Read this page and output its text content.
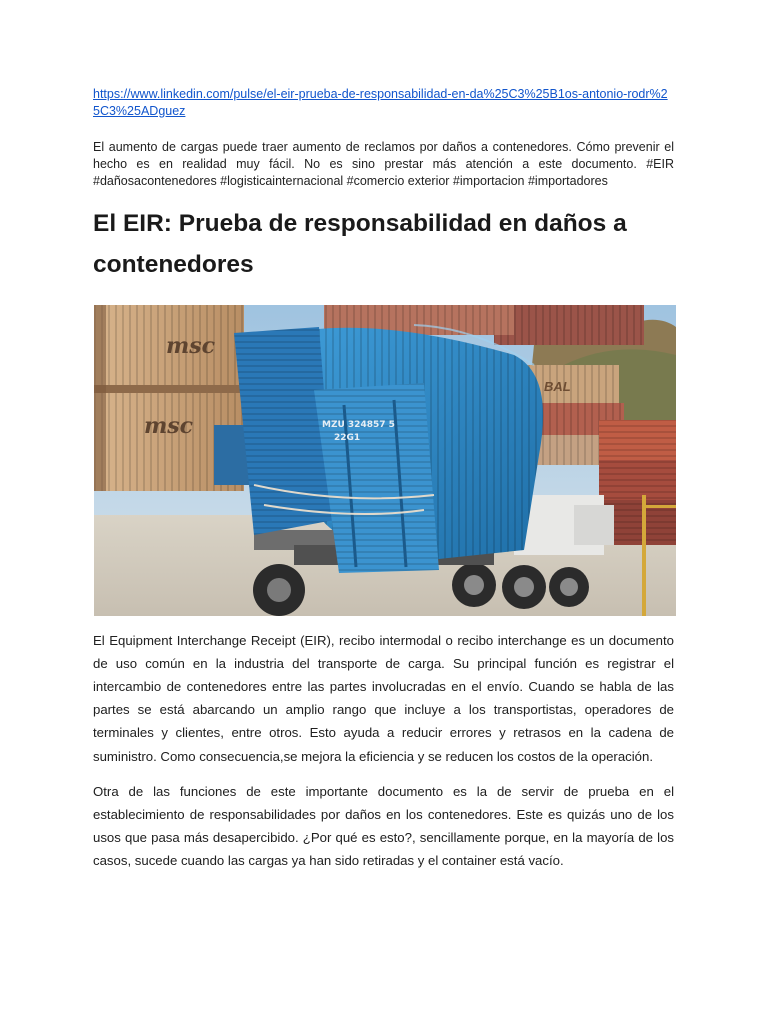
https://www.linkedin.com/pulse/el-eir-prueba-de-responsabilidad-en-da%25C3%25B1os-antonio-rodr%25C3%25ADguez

El aumento de cargas puede traer aumento de reclamos por daños a contenedores. Cómo prevenir el hecho es en realidad muy fácil. No es sino prestar más atención a este documento. #EIR #dañosacontenedores #logisticainternacional #comercio exterior #importacion #importadores

El EIR: Prueba de responsabilidad en daños a contenedores
BAL
msc
msc	MZU 324857 5
22G1

El Equipment Interchange Receipt (EIR), recibo intermodal o recibo interchange es un documento de uso común en la industria del transporte de carga. Su principal función es registrar el intercambio de contenedores entre las partes involucradas en el envío. Cuando se habla de las partes se está abarcando un amplio rango que incluye a los transportistas, operadores de terminales y clientes, entre otros. Esto ayuda a reducir errores y retrasos en la cadena de suministro. Como consecuencia,se mejora la eficiencia y se reducen los costos de la operación.

Otra de las funciones de este importante documento es la de servir de prueba en el establecimiento de responsabilidades por daños en los contenedores. Este es quizás uno de los usos que pasa más desapercibido. ¿Por qué es esto?, sencillamente porque, en la mayoría de los casos, sucede cuando las cargas ya han sido retiradas y el container está vacío.
